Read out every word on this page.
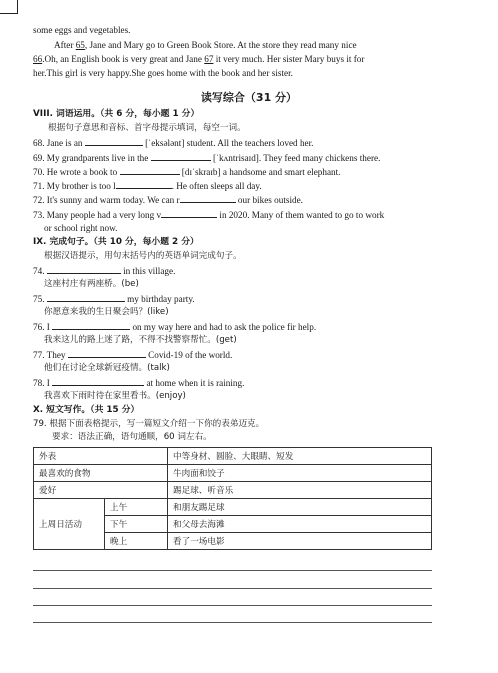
some eggs and vegetables.
After 65, Jane and Mary go to Green Book Store. At the store they read many nice
66.Oh, an English book is very great and Jane 67 it very much. Her sister Mary buys it for
her.This girl is very happy.She goes home with the book and her sister.
读写综合（31 分）
VIII. 词语运用。（共 6 分，每小题 1 分）
根据句子意思和音标、首字母提示填词，每空一词。
68. Jane is an	[ˈeksələnt] student. All the teachers loved her.
69. My grandparents live in the	[ˈkʌntrisaɪd]. They feed many chickens there.
70. He wrote a book to	[dɪˈskraɪb] a handsome and smart elephant.
71. My brother is too l	. He often sleeps all day.
72. It's sunny and warm today. We can r	our bikes outside.
73. Many people had a very long v	in 2020. Many of them wanted to go to work
or school right now.
IX. 完成句子。（共 10 分，每小题 2 分）
根据汉语提示，用句末括号内的英语单词完成句子。
74.	in this village.
这座村庄有两座桥。(be)
75.	my birthday party.
你愿意来我的生日聚会吗？(like)
76. I	on my way here and had to ask the police fir help.
我来这儿的路上迷了路，不得不找警察帮忙。(get)
77. They	Covid-19 of the world.
他们在讨论全球新冠疫情。(talk)
78. I	at home when it is raining.
我喜欢下雨时待在家里看书。(enjoy)
X. 短文写作。（共 15 分）
79. 根据下面表格提示，写一篇短文介绍一下你的表弟迈克。
要求：语法正确，语句通顺，60 词左右。
外表		中等身材、圆脸、大眼睛、短发
最喜欢的食物		牛肉面和饺子
爱好		踢足球、听音乐
上周日活动	上午	和朋友踢足球
	下午	和父母去海滩
	晚上	看了一场电影
